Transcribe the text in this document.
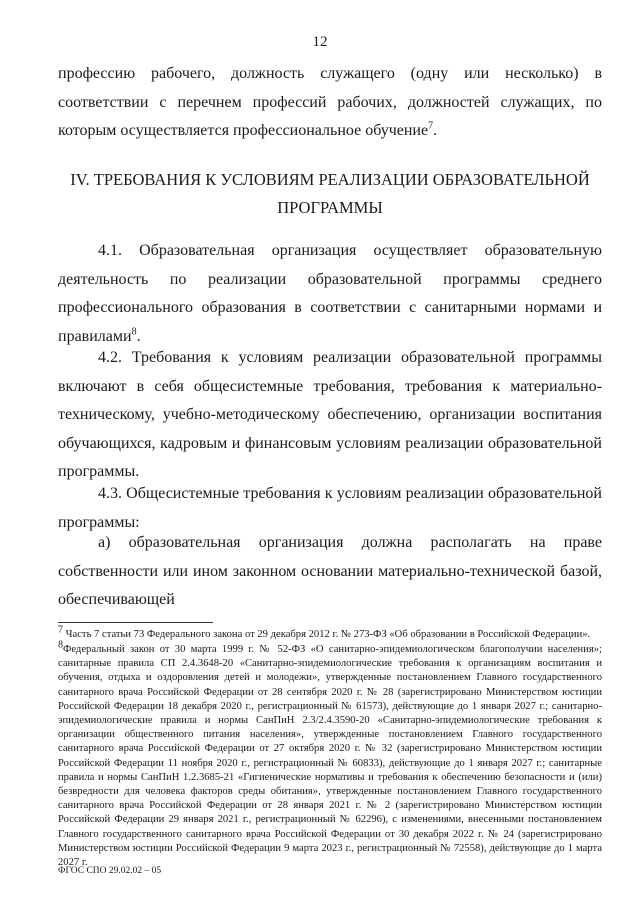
12

профессию рабочего, должность служащего (одну или несколько) в соответствии с перечнем профессий рабочих, должностей служащих, по которым осуществляется профессиональное обучение$^7$.

IV. ТРЕБОВАНИЯ К УСЛОВИЯМ РЕАЛИЗАЦИИ ОБРАЗОВАТЕЛЬНОЙ
ПРОГРАММЫ

4.1. Образовательная организация осуществляет образовательную деятельность по реализации образовательной программы среднего профессионального образования в соответствии с санитарными нормами и правилами$^8$.

4.2. Требования к условиям реализации образовательной программы включают в себя общесистемные требования, требования к материально-техническому, учебно-методическому обеспечению, организации воспитания обучающихся, кадровым и финансовым условиям реализации образовательной программы.

4.3. Общесистемные требования к условиям реализации образовательной программы:

а) образовательная организация должна располагать на праве собственности или ином законном основании материально-технической базой, обеспечивающей

$^7$ Часть 7 статьи 73 Федерального закона от 29 декабря 2012 г. № 273-ФЗ «Об образовании в Российской Федерации».

$^8$Федеральный закон от 30 марта 1999 г. № 52-ФЗ «О санитарно-эпидемиологическом благополучии населения»; санитарные правила СП 2.4.3648-20 «Санитарно-эпидемиологические требования к организациям воспитания и обучения, отдыха и оздоровления детей и молодежи», утвержденные постановлением Главного государственного санитарного врача Российской Федерации от 28 сентября 2020 г. № 28 (зарегистрировано Министерством юстиции Российской Федерации 18 декабря 2020 г., регистрационный № 61573), действующие до 1 января 2027 г.; санитарно-эпидемиологические правила и нормы СанПиН 2.3/2.4.3590-20 «Санитарно-эпидемиологические требования к организации общественного питания населения», утвержденные постановлением Главного государственного санитарного врача Российской Федерации от 27 октября 2020 г. № 32 (зарегистрировано Министерством юстиции Российской Федерации 11 ноября 2020 г., регистрационный № 60833), действующие до 1 января 2027 г.; санитарные правила и нормы СанПиН 1.2.3685-21 «Гигиенические нормативы и требования к обеспечению безопасности и (или) безвредности для человека факторов среды обитания», утвержденные постановлением Главного государственного санитарного врача Российской Федерации от 28 января 2021 г. № 2 (зарегистрировано Министерством юстиции Российской Федерации 29 января 2021 г., регистрационный № 62296), с изменениями, внесенными постановлением Главного государственного санитарного врача Российской Федерации от 30 декабря 2022 г. № 24 (зарегистрировано Министерством юстиции Российской Федерации 9 марта 2023 г., регистрационный № 72558), действующие до 1 марта 2027 г.

ФГОС СПО 29.02.02 – 05
